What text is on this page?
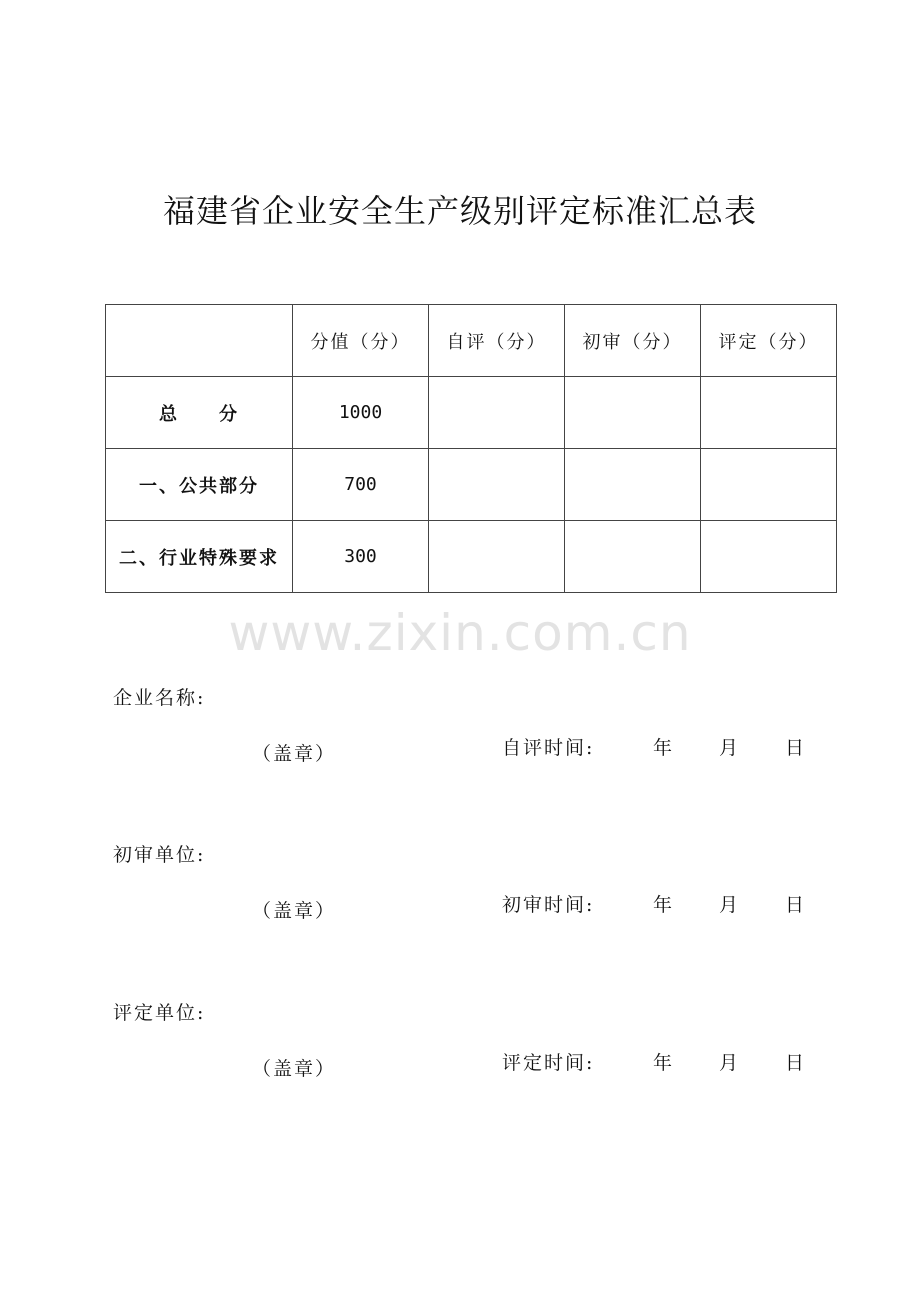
福建省企业安全生产级别评定标准汇总表
	分值（分）	自评（分）	初审（分）	评定（分）
总　　分	1000			
一、公共部分	700			
二、行业特殊要求	300			
www.zixin.com.cn
企业名称:
（盖章）	自评时间:	年 月 日
初审单位:
（盖章）	初审时间:	年 月 日
评定单位:
（盖章）	评定时间:	年 月 日
